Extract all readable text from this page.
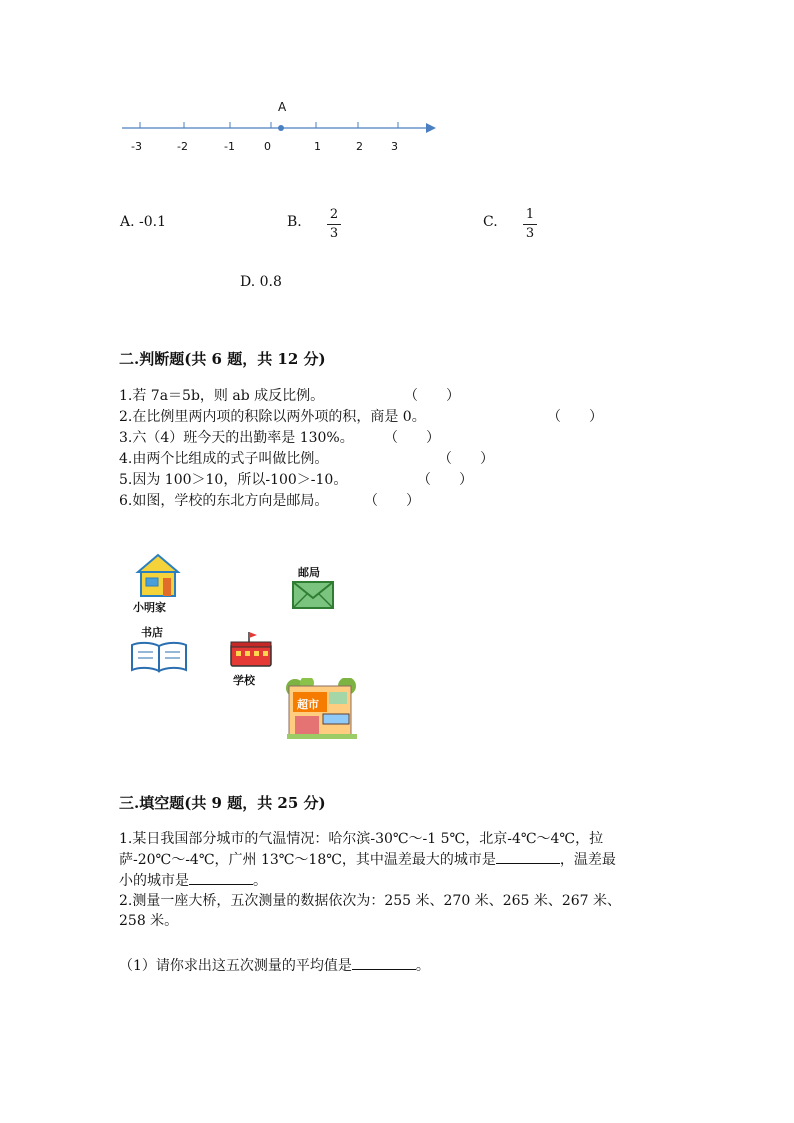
A
-3	-2	-1	0	1	2	3
A. -0.1	B. 2
3
C. 1
3
D. 0.8
二.判断题(共 6 题，共 12 分)
1.若 7a＝5b，则 ab 成反比例。	（　　）
2.在比例里两内项的积除以两外项的积，商是 0。	（　　）
3.六（4）班今天的出勤率是 130%。 （　　）
4.由两个比组成的式子叫做比例。	（　　）
5.因为 100＞10，所以-100＞-10。	（　　）
6.如图，学校的东北方向是邮局。	（　　）
小明家
邮局
书店
学校
超市
三.填空题(共 9 题，共 25 分)
1.某日我国部分城市的气温情况：哈尔滨-30℃～-1 5℃，北京-4℃～4℃，拉
萨-20℃～-4℃，广州 13℃～18℃，其中温差最大的城市是	，温差最
小的城市是	。
2.测量一座大桥，五次测量的数据依次为：255 米、270 米、265 米、267 米、
258 米。
（1）请你求出这五次测量的平均值是	。
